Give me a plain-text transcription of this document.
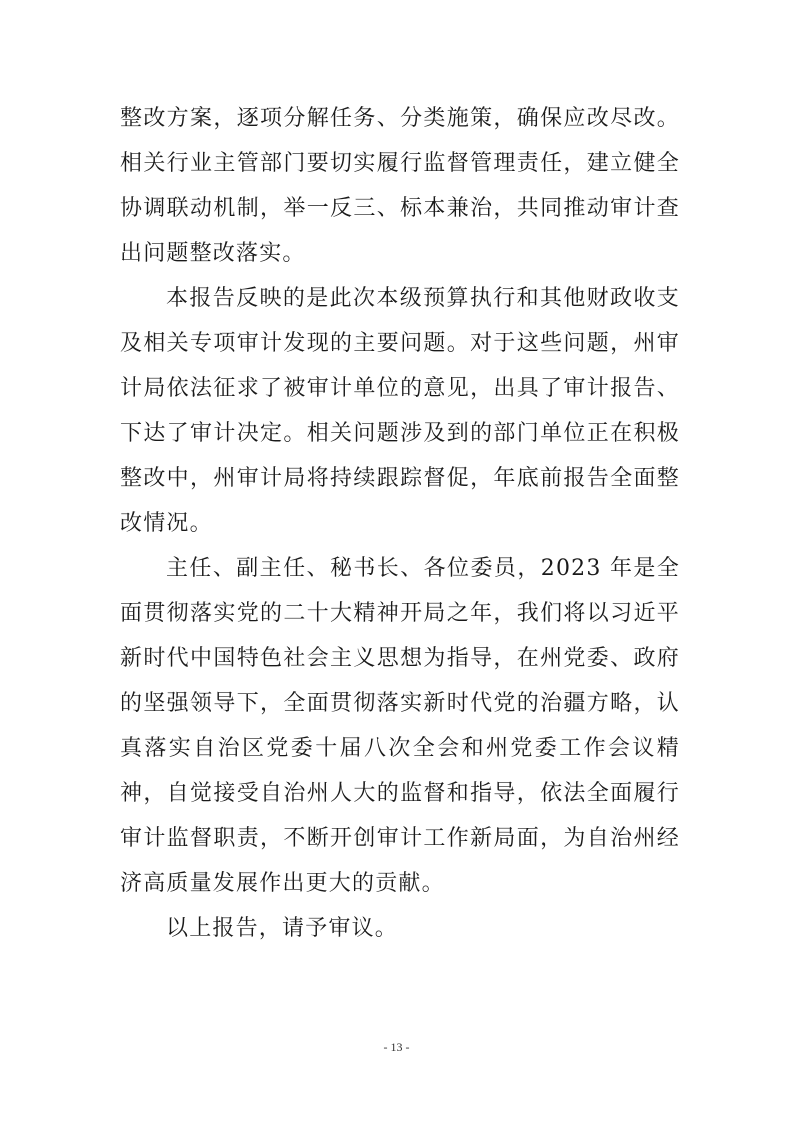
整改方案，逐项分解任务、分类施策，确保应改尽改。相关行业主管部门要切实履行监督管理责任，建立健全协调联动机制，举一反三、标本兼治，共同推动审计查出问题整改落实。

本报告反映的是此次本级预算执行和其他财政收支及相关专项审计发现的主要问题。对于这些问题，州审计局依法征求了被审计单位的意见，出具了审计报告、下达了审计决定。相关问题涉及到的部门单位正在积极整改中，州审计局将持续跟踪督促，年底前报告全面整改情况。

主任、副主任、秘书长、各位委员，2023 年是全面贯彻落实党的二十大精神开局之年，我们将以习近平新时代中国特色社会主义思想为指导，在州党委、政府的坚强领导下，全面贯彻落实新时代党的治疆方略，认真落实自治区党委十届八次全会和州党委工作会议精神，自觉接受自治州人大的监督和指导，依法全面履行审计监督职责，不断开创审计工作新局面，为自治州经济高质量发展作出更大的贡献。

以上报告，请予审议。

- 13 -
